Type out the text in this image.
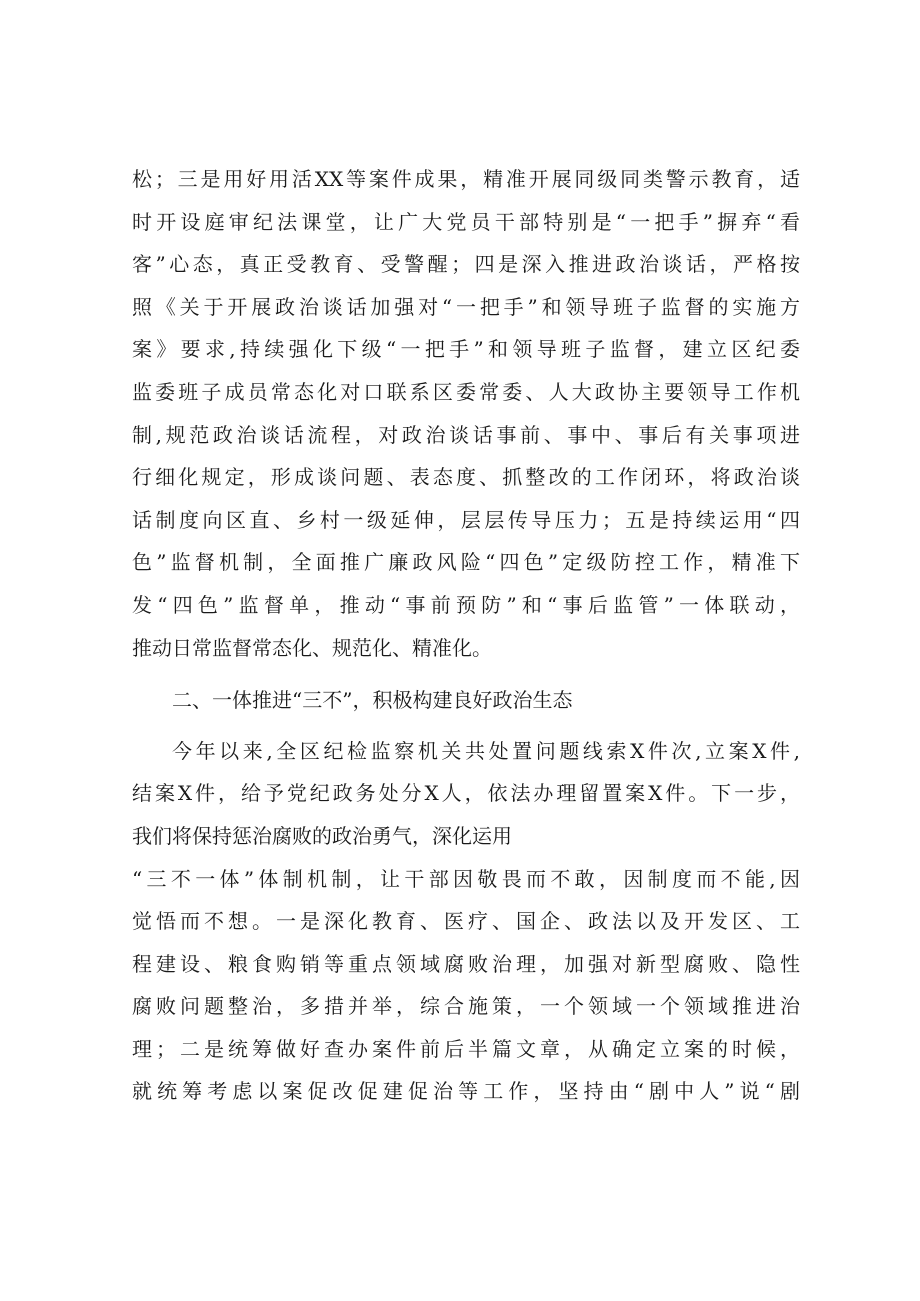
松；三是用好用活XX等案件成果，精准开展同级同类警示教育，适
时开设庭审纪法课堂，让广大党员干部特别是“一把手”摒弃“看
客”心态，真正受教育、受警醒；四是深入推进政治谈话，严格按
照《关于开展政治谈话加强对“一把手”和领导班子监督的实施方
案》要求,持续强化下级“一把手”和领导班子监督，建立区纪委
监委班子成员常态化对口联系区委常委、人大政协主要领导工作机
制,规范政治谈话流程，对政治谈话事前、事中、事后有关事项进
行细化规定，形成谈问题、表态度、抓整改的工作闭环，将政治谈
话制度向区直、乡村一级延伸，层层传导压力；五是持续运用“四
色”监督机制，全面推广廉政风险“四色”定级防控工作，精准下
发“四色”监督单，推动“事前预防”和“事后监管”一体联动，
推动日常监督常态化、规范化、精准化。
二、一体推进“三不”，积极构建良好政治生态
今年以来,全区纪检监察机关共处置问题线索X件次,立案X件,
结案X件，给予党纪政务处分X人，依法办理留置案X件。下一步，
我们将保持惩治腐败的政治勇气，深化运用
“三不一体”体制机制，让干部因敬畏而不敢，因制度而不能,因
觉悟而不想。一是深化教育、医疗、国企、政法以及开发区、工
程建设、粮食购销等重点领域腐败治理，加强对新型腐败、隐性
腐败问题整治，多措并举，综合施策，一个领域一个领域推进治
理；二是统筹做好查办案件前后半篇文章，从确定立案的时候，
就统筹考虑以案促改促建促治等工作，坚持由“剧中人”说“剧
